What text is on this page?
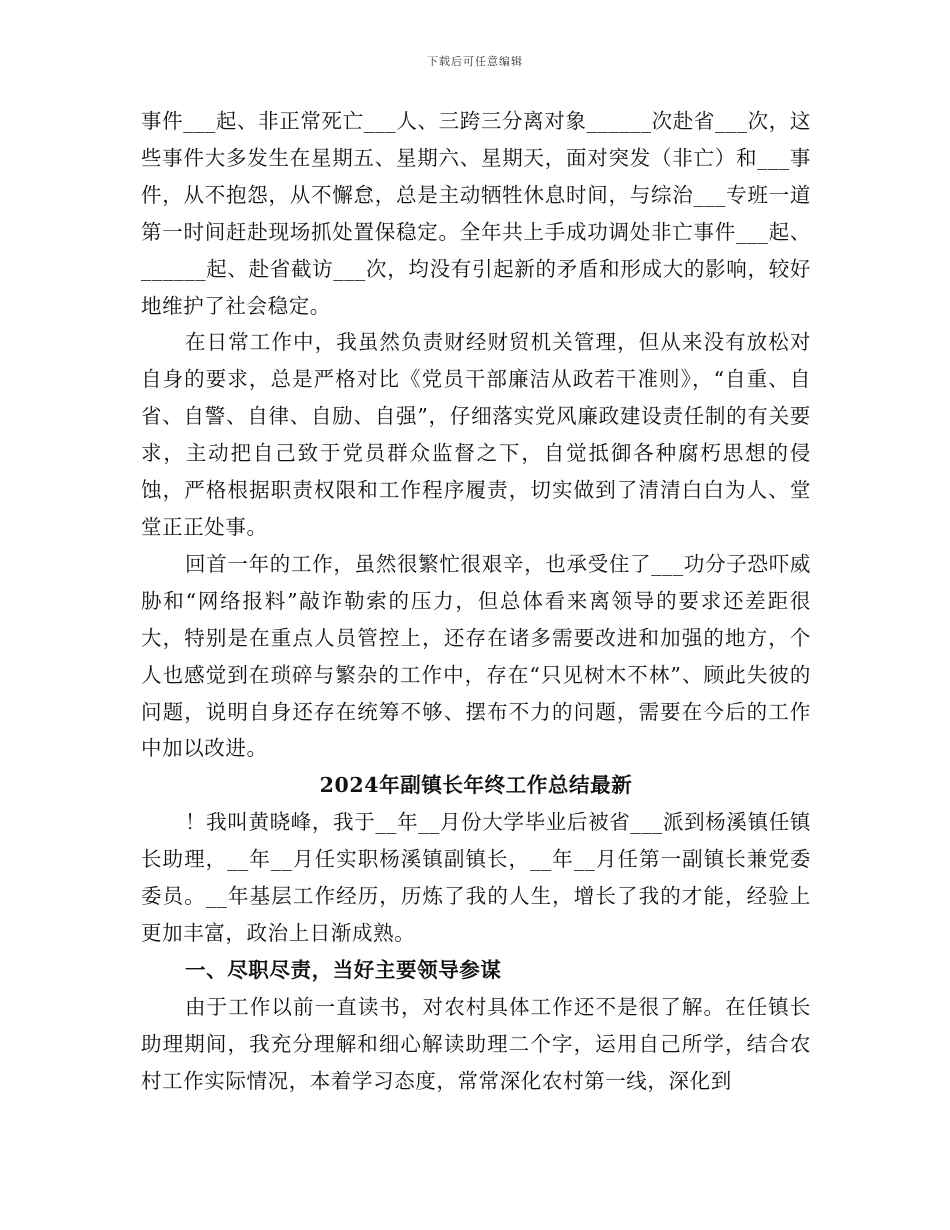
下载后可任意编辑

事件___起、非正常死亡___人、三跨三分离对象______次赴省___次，这些事件大多发生在星期五、星期六、星期天，面对突发（非亡）和___事件，从不抱怨，从不懈怠，总是主动牺牲休息时间，与综治___专班一道第一时间赶赴现场抓处置保稳定。全年共上手成功调处非亡事件___起、______起、赴省截访___次，均没有引起新的矛盾和形成大的影响，较好地维护了社会稳定。

在日常工作中，我虽然负责财经财贸机关管理，但从来没有放松对自身的要求，总是严格对比《党员干部廉洁从政若干准则》，“自重、自省、自警、自律、自励、自强”，仔细落实党风廉政建设责任制的有关要求，主动把自己致于党员群众监督之下，自觉抵御各种腐朽思想的侵蚀，严格根据职责权限和工作程序履责，切实做到了清清白白为人、堂堂正正处事。

回首一年的工作，虽然很繁忙很艰辛，也承受住了___功分子恐吓威胁和“网络报料”敲诈勒索的压力，但总体看来离领导的要求还差距很大，特别是在重点人员管控上，还存在诸多需要改进和加强的地方，个人也感觉到在琐碎与繁杂的工作中，存在“只见树木不林”、顾此失彼的问题，说明自身还存在统筹不够、摆布不力的问题，需要在今后的工作中加以改进。

2024年副镇长年终工作总结最新

！我叫黄晓峰，我于__年__月份大学毕业后被省___派到杨溪镇任镇长助理，__年__月任实职杨溪镇副镇长，__年__月任第一副镇长兼党委委员。__年基层工作经历，历炼了我的人生，增长了我的才能，经验上更加丰富，政治上日渐成熟。

一、尽职尽责，当好主要领导参谋

由于工作以前一直读书，对农村具体工作还不是很了解。在任镇长助理期间，我充分理解和细心解读助理二个字，运用自己所学，结合农村工作实际情况，本着学习态度，常常深化农村第一线，深化到
